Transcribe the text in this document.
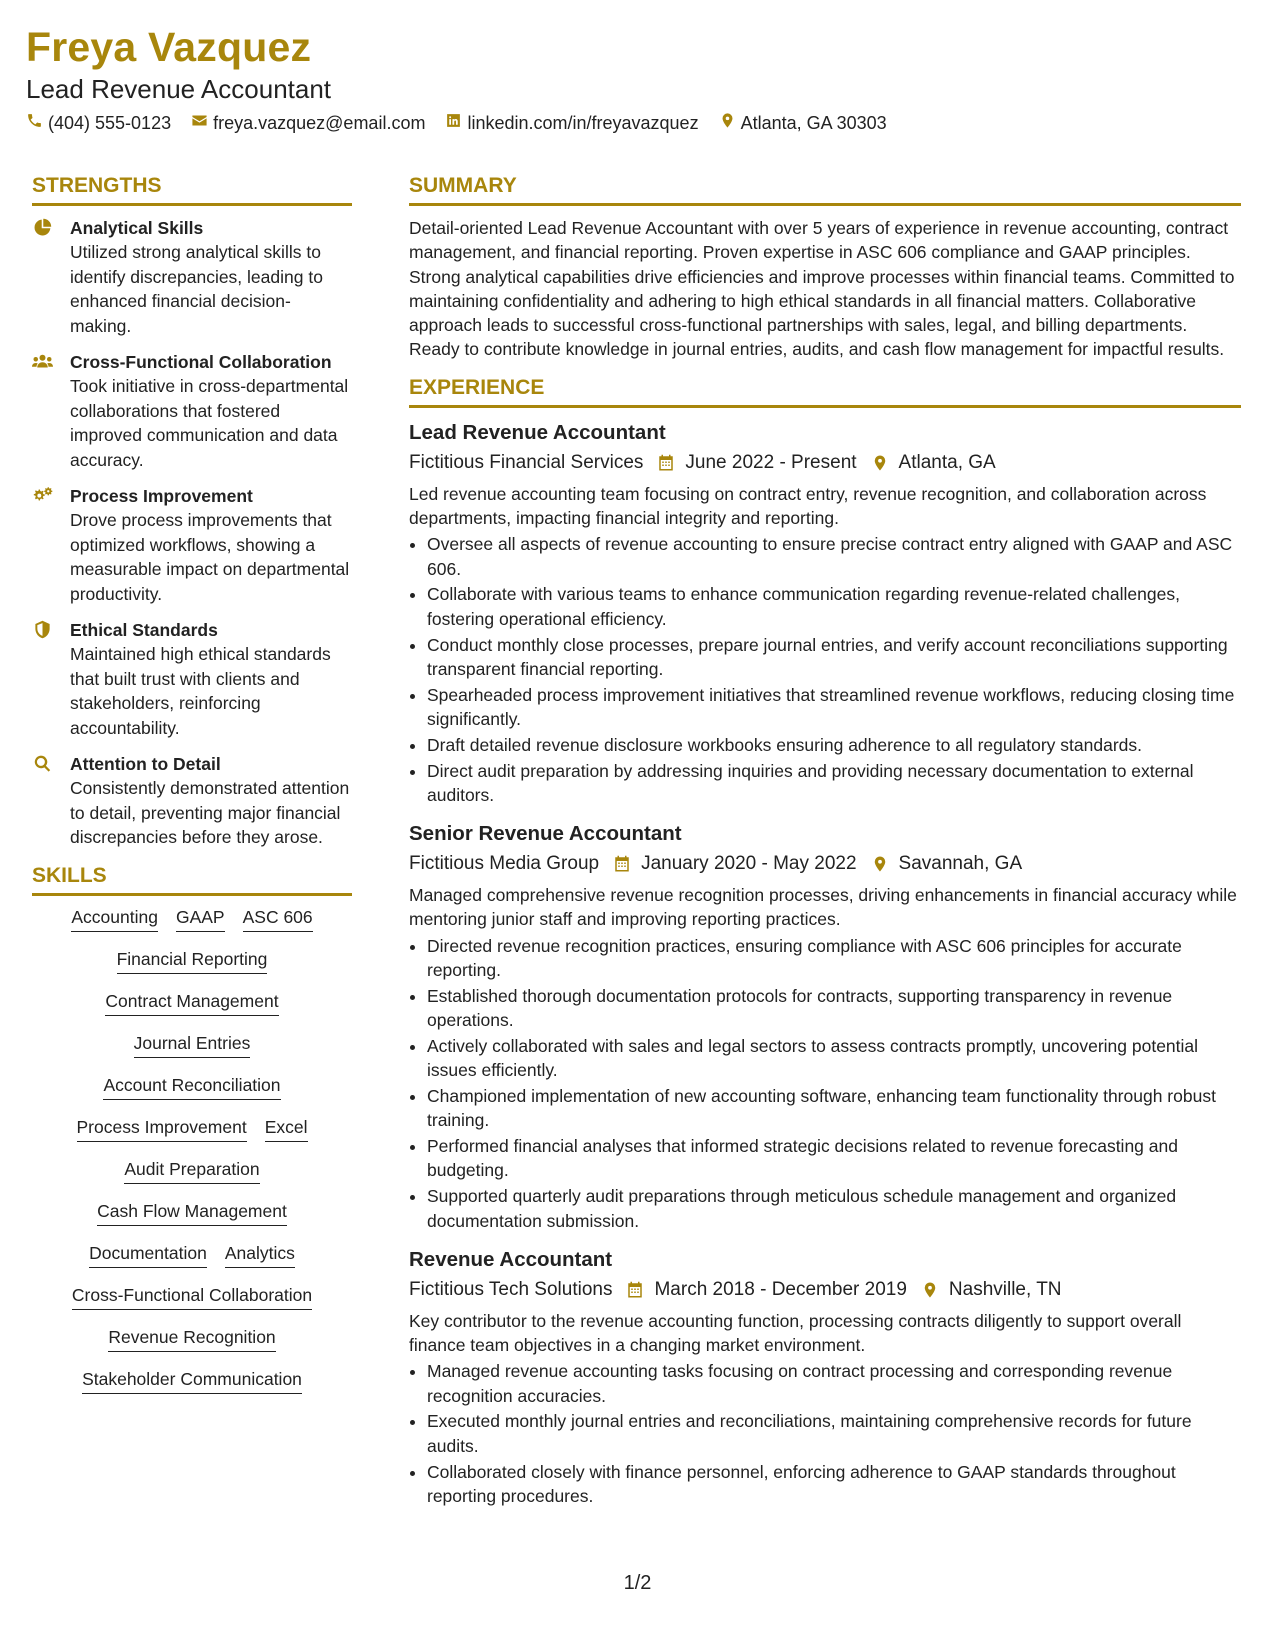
Freya Vazquez
Lead Revenue Accountant
(404) 555-0123 freya.vazquez@email.com linkedin.com/in/freyavazquez Atlanta, GA 30303
STRENGTHS
Analytical Skills
Utilized strong analytical skills to identify discrepancies, leading to enhanced financial decision-making.
Cross-Functional Collaboration
Took initiative in cross-departmental collaborations that fostered improved communication and data accuracy.
Process Improvement
Drove process improvements that optimized workflows, showing a measurable impact on departmental productivity.
Ethical Standards
Maintained high ethical standards that built trust with clients and stakeholders, reinforcing accountability.
Attention to Detail
Consistently demonstrated attention to detail, preventing major financial discrepancies before they arose.
SKILLS
Accounting GAAP ASC 606
Financial Reporting
Contract Management
Journal Entries
Account Reconciliation
Process Improvement Excel
Audit Preparation
Cash Flow Management
Documentation Analytics
Cross-Functional Collaboration
Revenue Recognition
Stakeholder Communication
SUMMARY
Detail-oriented Lead Revenue Accountant with over 5 years of experience in revenue accounting, contract management, and financial reporting. Proven expertise in ASC 606 compliance and GAAP principles. Strong analytical capabilities drive efficiencies and improve processes within financial teams. Committed to maintaining confidentiality and adhering to high ethical standards in all financial matters. Collaborative approach leads to successful cross-functional partnerships with sales, legal, and billing departments. Ready to contribute knowledge in journal entries, audits, and cash flow management for impactful results.
EXPERIENCE
Lead Revenue Accountant
Fictitious Financial Services June 2022 - Present Atlanta, GA
Led revenue accounting team focusing on contract entry, revenue recognition, and collaboration across departments, impacting financial integrity and reporting.
• Oversee all aspects of revenue accounting to ensure precise contract entry aligned with GAAP and ASC 606.
• Collaborate with various teams to enhance communication regarding revenue-related challenges, fostering operational efficiency.
• Conduct monthly close processes, prepare journal entries, and verify account reconciliations supporting transparent financial reporting.
• Spearheaded process improvement initiatives that streamlined revenue workflows, reducing closing time significantly.
• Draft detailed revenue disclosure workbooks ensuring adherence to all regulatory standards.
• Direct audit preparation by addressing inquiries and providing necessary documentation to external auditors.
Senior Revenue Accountant
Fictitious Media Group January 2020 - May 2022 Savannah, GA
Managed comprehensive revenue recognition processes, driving enhancements in financial accuracy while mentoring junior staff and improving reporting practices.
• Directed revenue recognition practices, ensuring compliance with ASC 606 principles for accurate reporting.
• Established thorough documentation protocols for contracts, supporting transparency in revenue operations.
• Actively collaborated with sales and legal sectors to assess contracts promptly, uncovering potential issues efficiently.
• Championed implementation of new accounting software, enhancing team functionality through robust training.
• Performed financial analyses that informed strategic decisions related to revenue forecasting and budgeting.
• Supported quarterly audit preparations through meticulous schedule management and organized documentation submission.
Revenue Accountant
Fictitious Tech Solutions March 2018 - December 2019 Nashville, TN
Key contributor to the revenue accounting function, processing contracts diligently to support overall finance team objectives in a changing market environment.
• Managed revenue accounting tasks focusing on contract processing and corresponding revenue recognition accuracies.
• Executed monthly journal entries and reconciliations, maintaining comprehensive records for future audits.
• Collaborated closely with finance personnel, enforcing adherence to GAAP standards throughout reporting procedures.
1/2
